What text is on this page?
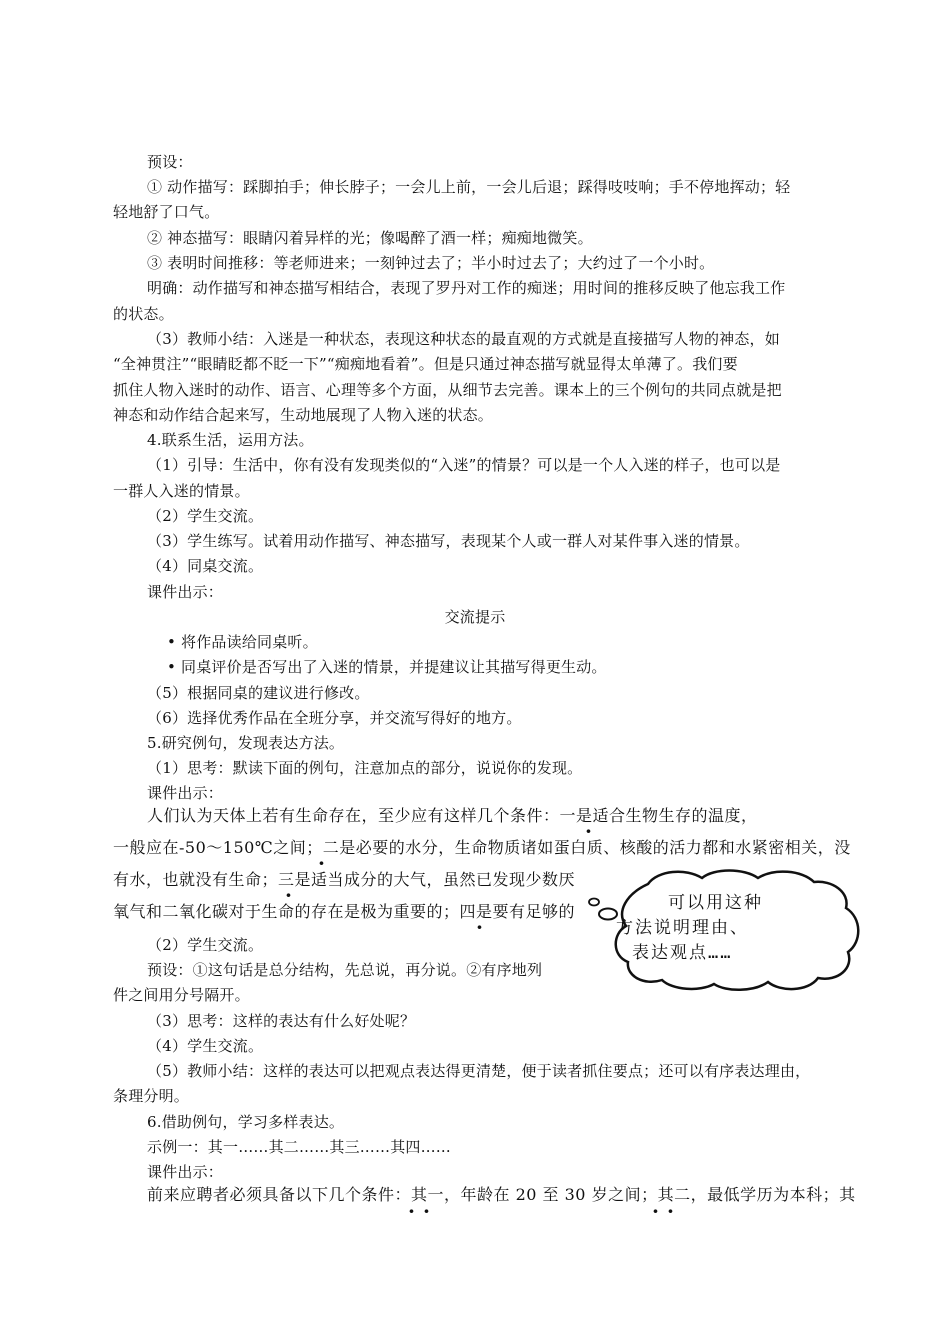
预设：
① 动作描写：踩脚拍手；伸长脖子；一会儿上前，一会儿后退；踩得吱吱响；手不停地挥动；轻
轻地舒了口气。
② 神态描写：眼睛闪着异样的光；像喝醉了酒一样；痴痴地微笑。
③ 表明时间推移：等老师进来；一刻钟过去了；半小时过去了；大约过了一个小时。
明确：动作描写和神态描写相结合，表现了罗丹对工作的痴迷；用时间的推移反映了他忘我工作
的状态。
（3）教师小结：入迷是一种状态，表现这种状态的最直观的方式就是直接描写人物的神态，如
“全神贯注”“眼睛眨都不眨一下”“痴痴地看着”。但是只通过神态描写就显得太单薄了。我们要
抓住人物入迷时的动作、语言、心理等多个方面，从细节去完善。课本上的三个例句的共同点就是把
神态和动作结合起来写，生动地展现了人物入迷的状态。
4.联系生活，运用方法。
（1）引导：生活中，你有没有发现类似的“入迷”的情景？可以是一个人入迷的样子，也可以是
一群人入迷的情景。
（2）学生交流。
（3）学生练写。试着用动作描写、神态描写，表现某个人或一群人对某件事入迷的情景。
（4）同桌交流。
课件出示：
交流提示
• 将作品读给同桌听。
• 同桌评价是否写出了入迷的情景，并提建议让其描写得更生动。
（5）根据同桌的建议进行修改。
（6）选择优秀作品在全班分享，并交流写得好的地方。
5.研究例句，发现表达方法。
（1）思考：默读下面的例句，注意加点的部分，说说你的发现。
课件出示：
人们认为天体上若有生命存在，至少应有这样几个条件：一是适合生物生存的温度，
一般应在-50～150℃之间；二是必要的水分，生命物质诸如蛋白质、核酸的活力都和水紧密相关，没
有水，也就没有生命；三是适当成分的大气，虽然已发现少数厌
氧气和二氧化碳对于生命的存在是极为重要的；四是要有足够的
·
·
·
·
（2）学生交流。
预设：①这句话是总分结构，先总说，再分说。②有序地列
件之间用分号隔开。
（3）思考：这样的表达有什么好处呢？
（4）学生交流。
（5）教师小结：这样的表达可以把观点表达得更清楚，便于读者抓住要点；还可以有序表达理由，
条理分明。
6.借助例句，学习多样表达。
示例一：其一……其二……其三……其四……
课件出示：
前来应聘者必须具备以下几个条件：其一，年龄在 20 至 30 岁之间；其二，最低学历为本科；其
· ·	· ·
可以用这种
方法说明理由、
表达观点……
